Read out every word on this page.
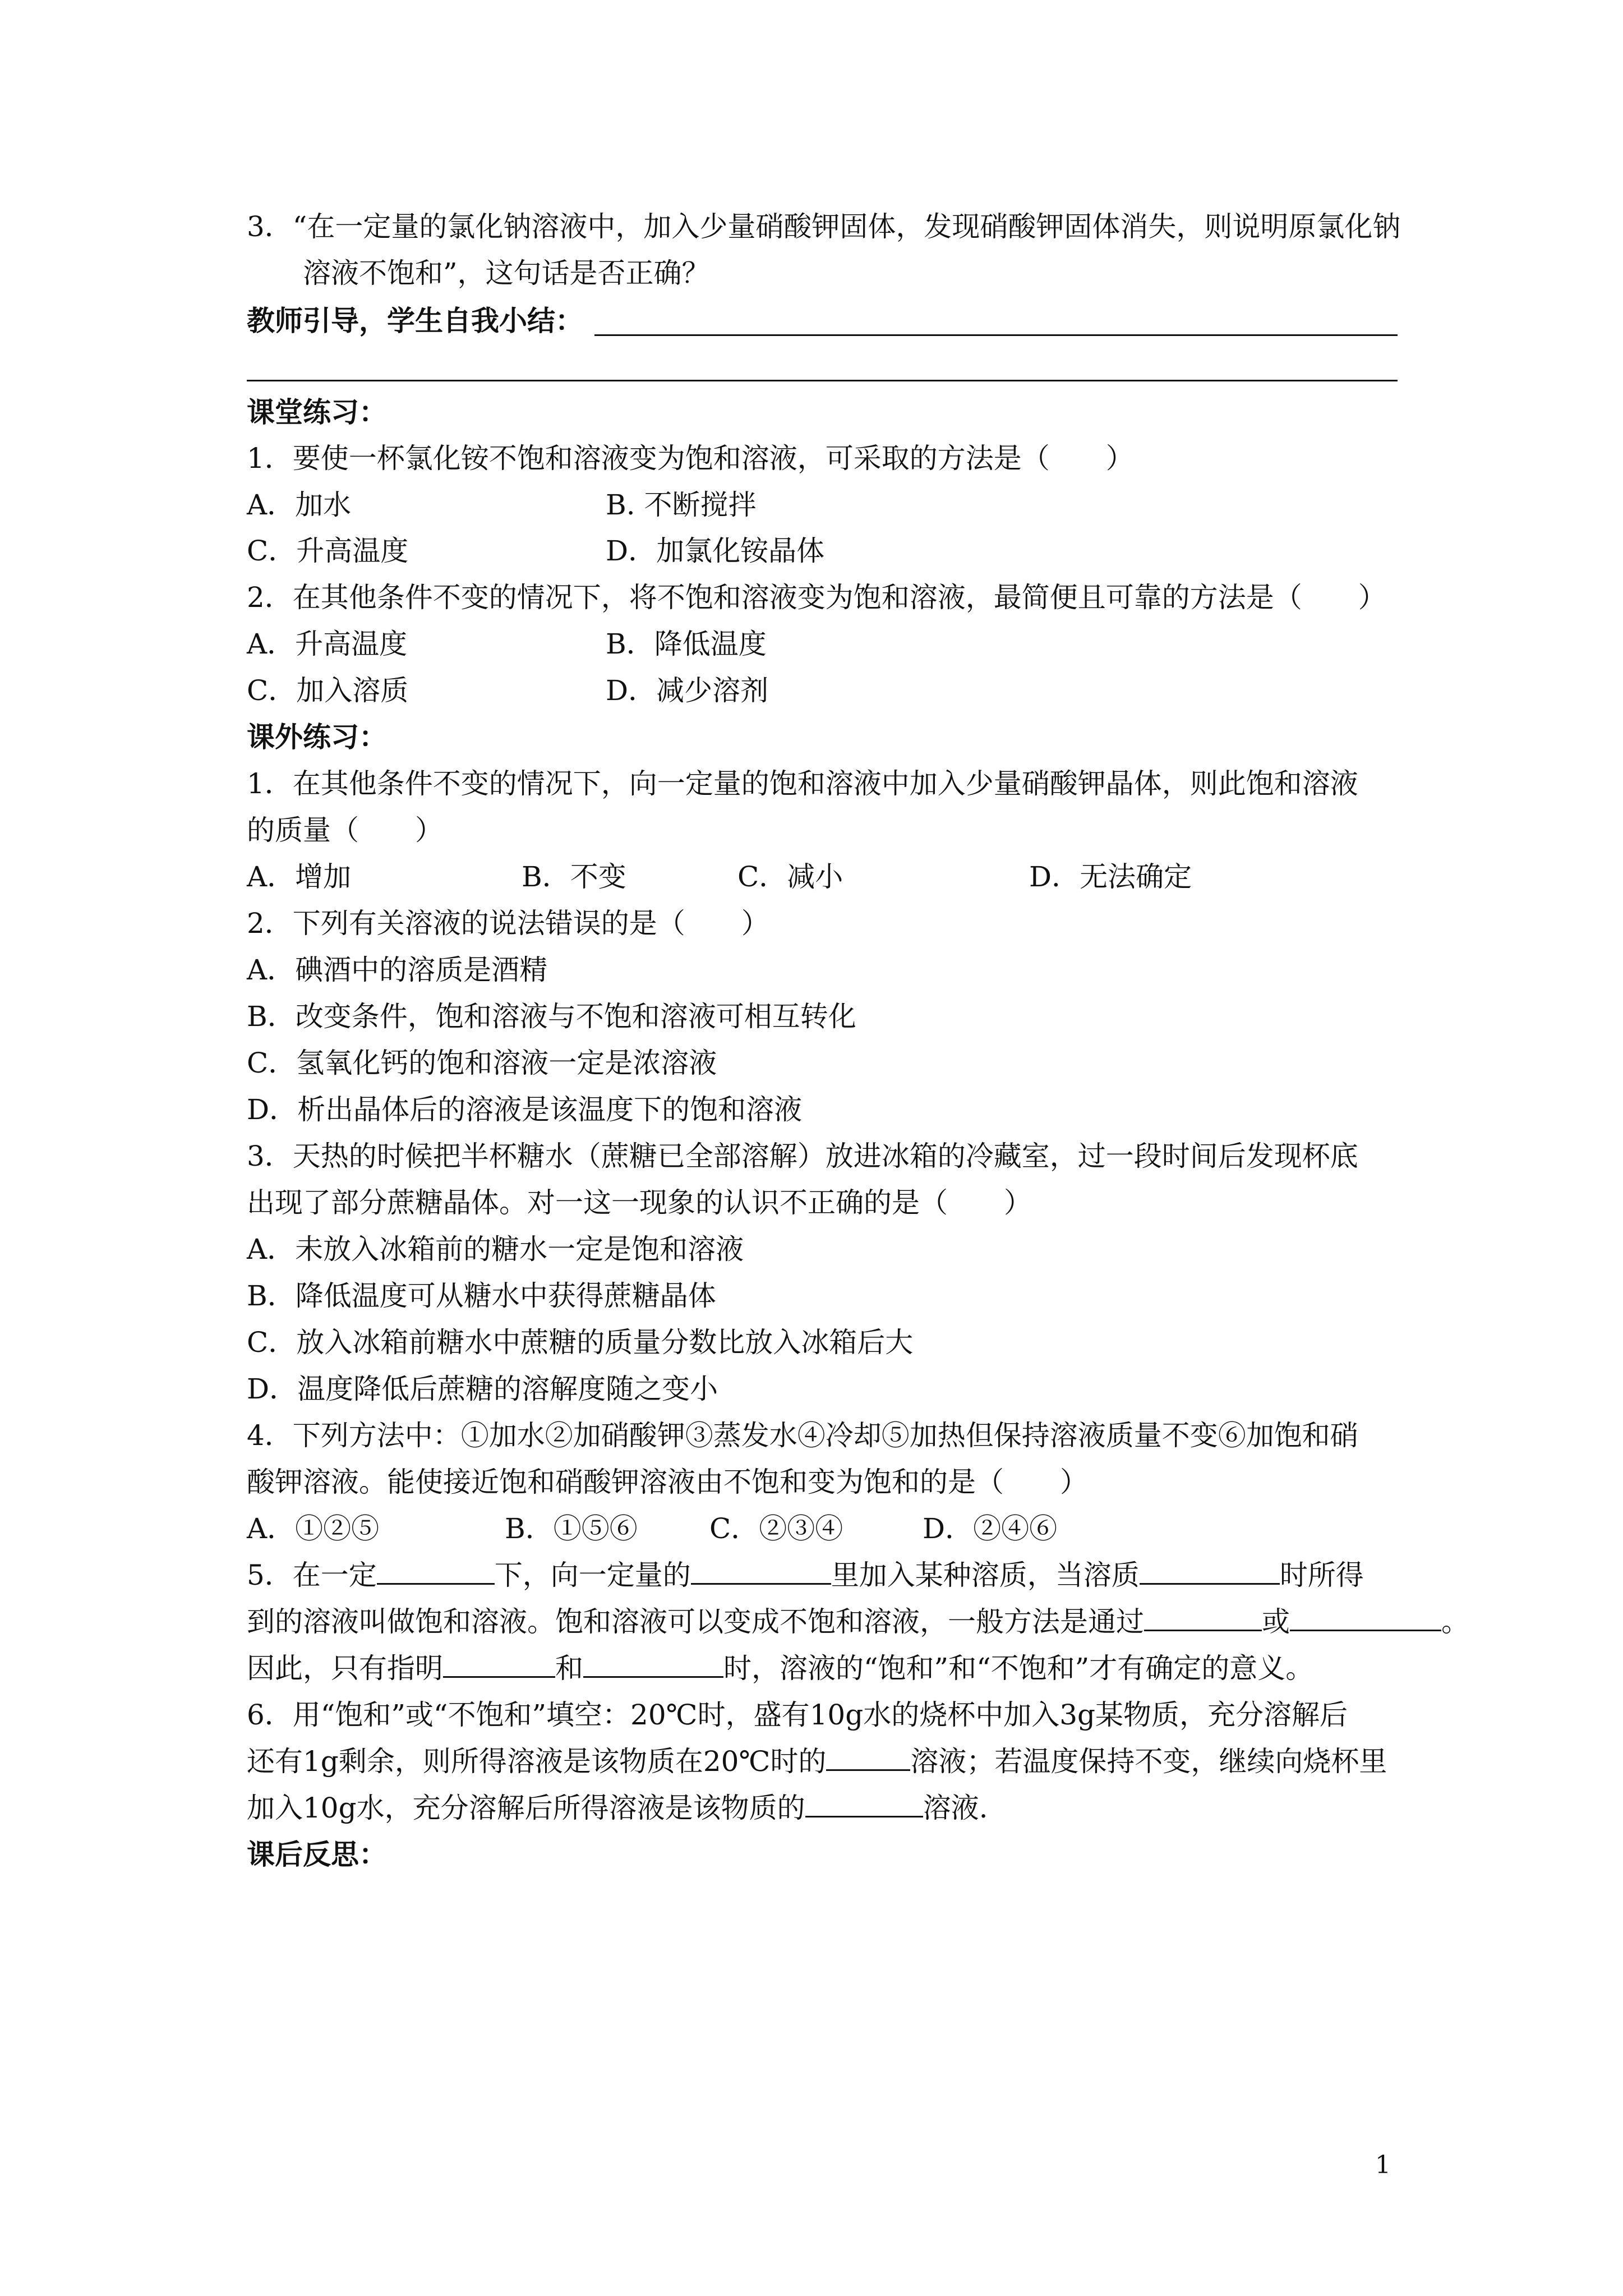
3．“在一定量的氯化钠溶液中，加入少量硝酸钾固体，发现硝酸钾固体消失，则说明原氯化钠
溶液不饱和”，这句话是否正确？
教师引导，学生自我小结：
课堂练习：
1．要使一杯氯化铵不饱和溶液变为饱和溶液，可采取的方法是（　　）
A．加水	B. 不断搅拌
C．升高温度	D．加氯化铵晶体
2．在其他条件不变的情况下，将不饱和溶液变为饱和溶液，最简便且可靠的方法是（　　）
A．升高温度	B．降低温度
C．加入溶质	D．减少溶剂
课外练习：
1．在其他条件不变的情况下，向一定量的饱和溶液中加入少量硝酸钾晶体，则此饱和溶液
的质量（　　）
A．增加	B．不变	C．减小	D．无法确定
2．下列有关溶液的说法错误的是（　　）
A．碘酒中的溶质是酒精
B．改变条件，饱和溶液与不饱和溶液可相互转化
C．氢氧化钙的饱和溶液一定是浓溶液
D．析出晶体后的溶液是该温度下的饱和溶液
3．天热的时候把半杯糖水（蔗糖已全部溶解）放进冰箱的冷藏室，过一段时间后发现杯底
出现了部分蔗糖晶体。对一这一现象的认识不正确的是（　　）
A．未放入冰箱前的糖水一定是饱和溶液
B．降低温度可从糖水中获得蔗糖晶体
C．放入冰箱前糖水中蔗糖的质量分数比放入冰箱后大
D．温度降低后蔗糖的溶解度随之变小
4．下列方法中：①加水②加硝酸钾③蒸发水④冷却⑤加热但保持溶液质量不变⑥加饱和硝
酸钾溶液。能使接近饱和硝酸钾溶液由不饱和变为饱和的是（　　）
A．①②⑤	B．①⑤⑥	C．②③④	D．②④⑥
5．在一定	下，向一定量的	里加入某种溶质，当溶质	时所得
到的溶液叫做饱和溶液。饱和溶液可以变成不饱和溶液，一般方法是通过	或	。
因此，只有指明	和	时，溶液的“饱和”和“不饱和”才有确定的意义。
6．用“饱和”或“不饱和”填空：20℃时，盛有10g水的烧杯中加入3g某物质，充分溶解后
还有1g剩余，则所得溶液是该物质在20℃时的	溶液；若温度保持不变，继续向烧杯里
加入10g水，充分溶解后所得溶液是该物质的	溶液.
课后反思：
1
